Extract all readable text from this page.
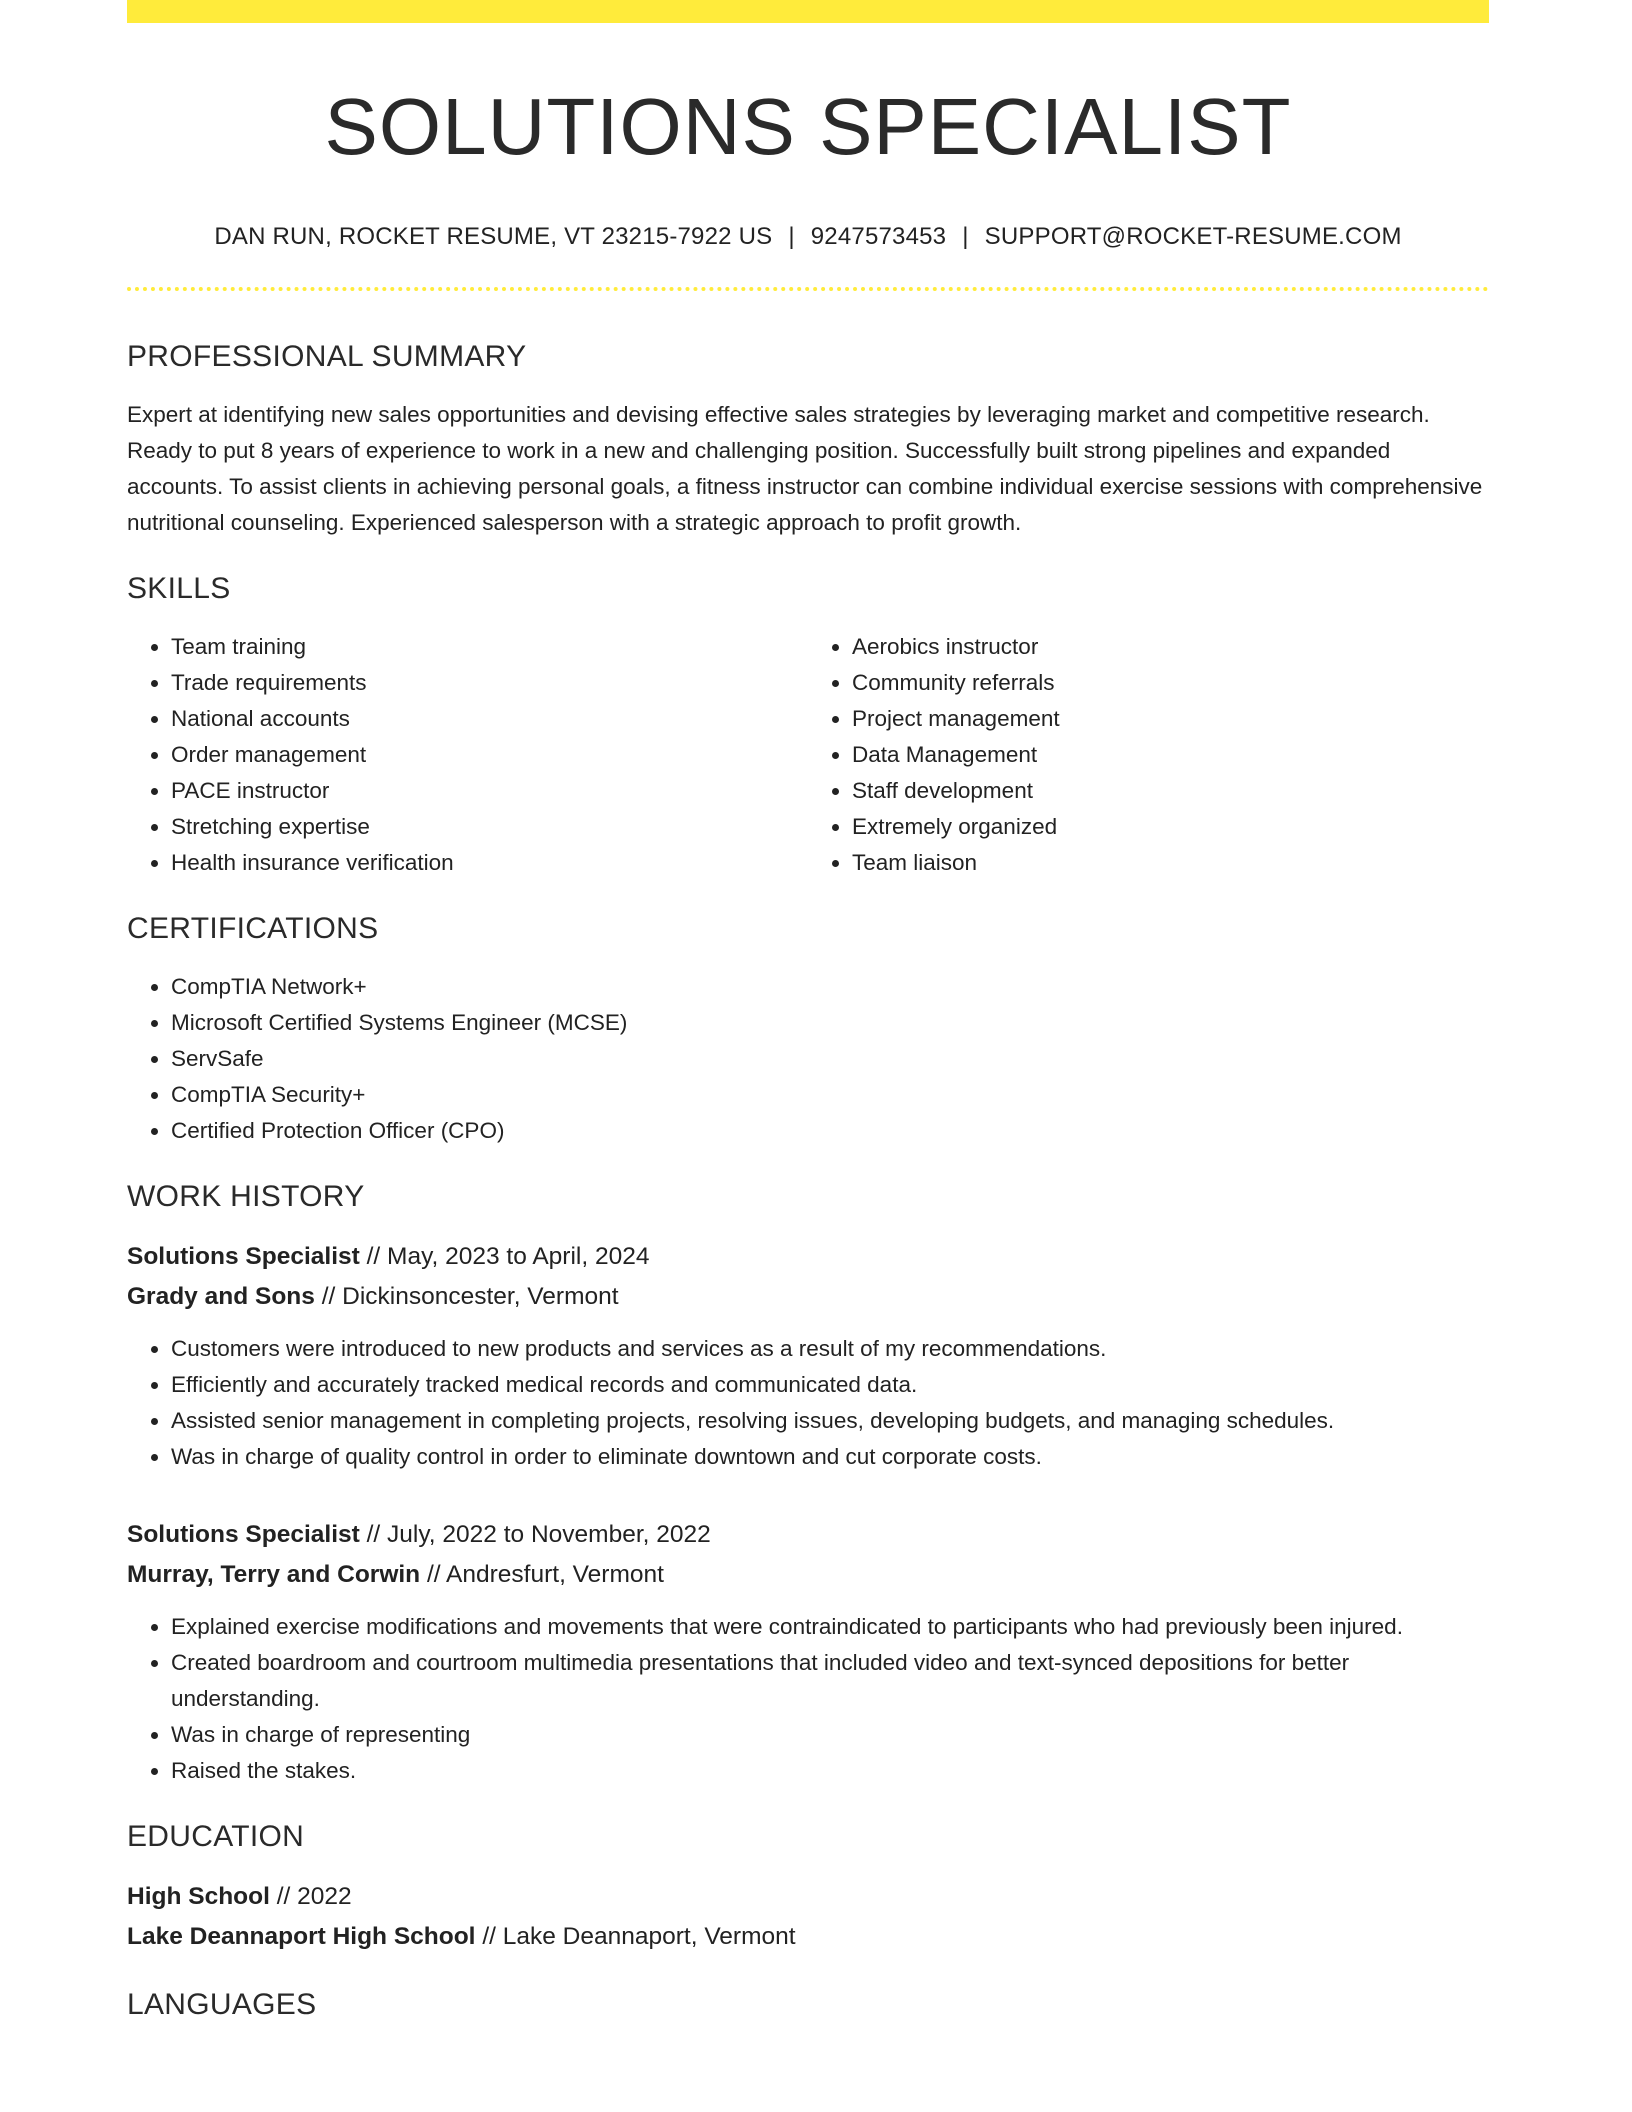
SOLUTIONS SPECIALIST
DAN RUN, ROCKET RESUME, VT 23215-7922 US | 9247573453 | SUPPORT@ROCKET-RESUME.COM
PROFESSIONAL SUMMARY

Expert at identifying new sales opportunities and devising effective sales strategies by leveraging market and competitive research. Ready to put 8 years of experience to work in a new and challenging position. Successfully built strong pipelines and expanded accounts. To assist clients in achieving personal goals, a fitness instructor can combine individual exercise sessions with comprehensive nutritional counseling. Experienced salesperson with a strategic approach to profit growth.

SKILLS
• Team training
• Trade requirements
• National accounts
• Order management
• PACE instructor
• Stretching expertise
• Health insurance verification
• Aerobics instructor
• Community referrals
• Project management
• Data Management
• Staff development
• Extremely organized
• Team liaison
CERTIFICATIONS
• CompTIA Network+
• Microsoft Certified Systems Engineer (MCSE)
• ServSafe
• CompTIA Security+
• Certified Protection Officer (CPO)
WORK HISTORY
Solutions Specialist // May, 2023 to April, 2024
Grady and Sons // Dickinsoncester, Vermont
• Customers were introduced to new products and services as a result of my recommendations.
• Efficiently and accurately tracked medical records and communicated data.
• Assisted senior management in completing projects, resolving issues, developing budgets, and managing schedules.
• Was in charge of quality control in order to eliminate downtown and cut corporate costs.
Solutions Specialist // July, 2022 to November, 2022
Murray, Terry and Corwin // Andresfurt, Vermont
• Explained exercise modifications and movements that were contraindicated to participants who had previously been injured.
• Created boardroom and courtroom multimedia presentations that included video and text-synced depositions for better understanding.
• Was in charge of representing
• Raised the stakes.
EDUCATION
High School // 2022
Lake Deannaport High School // Lake Deannaport, Vermont
LANGUAGES
